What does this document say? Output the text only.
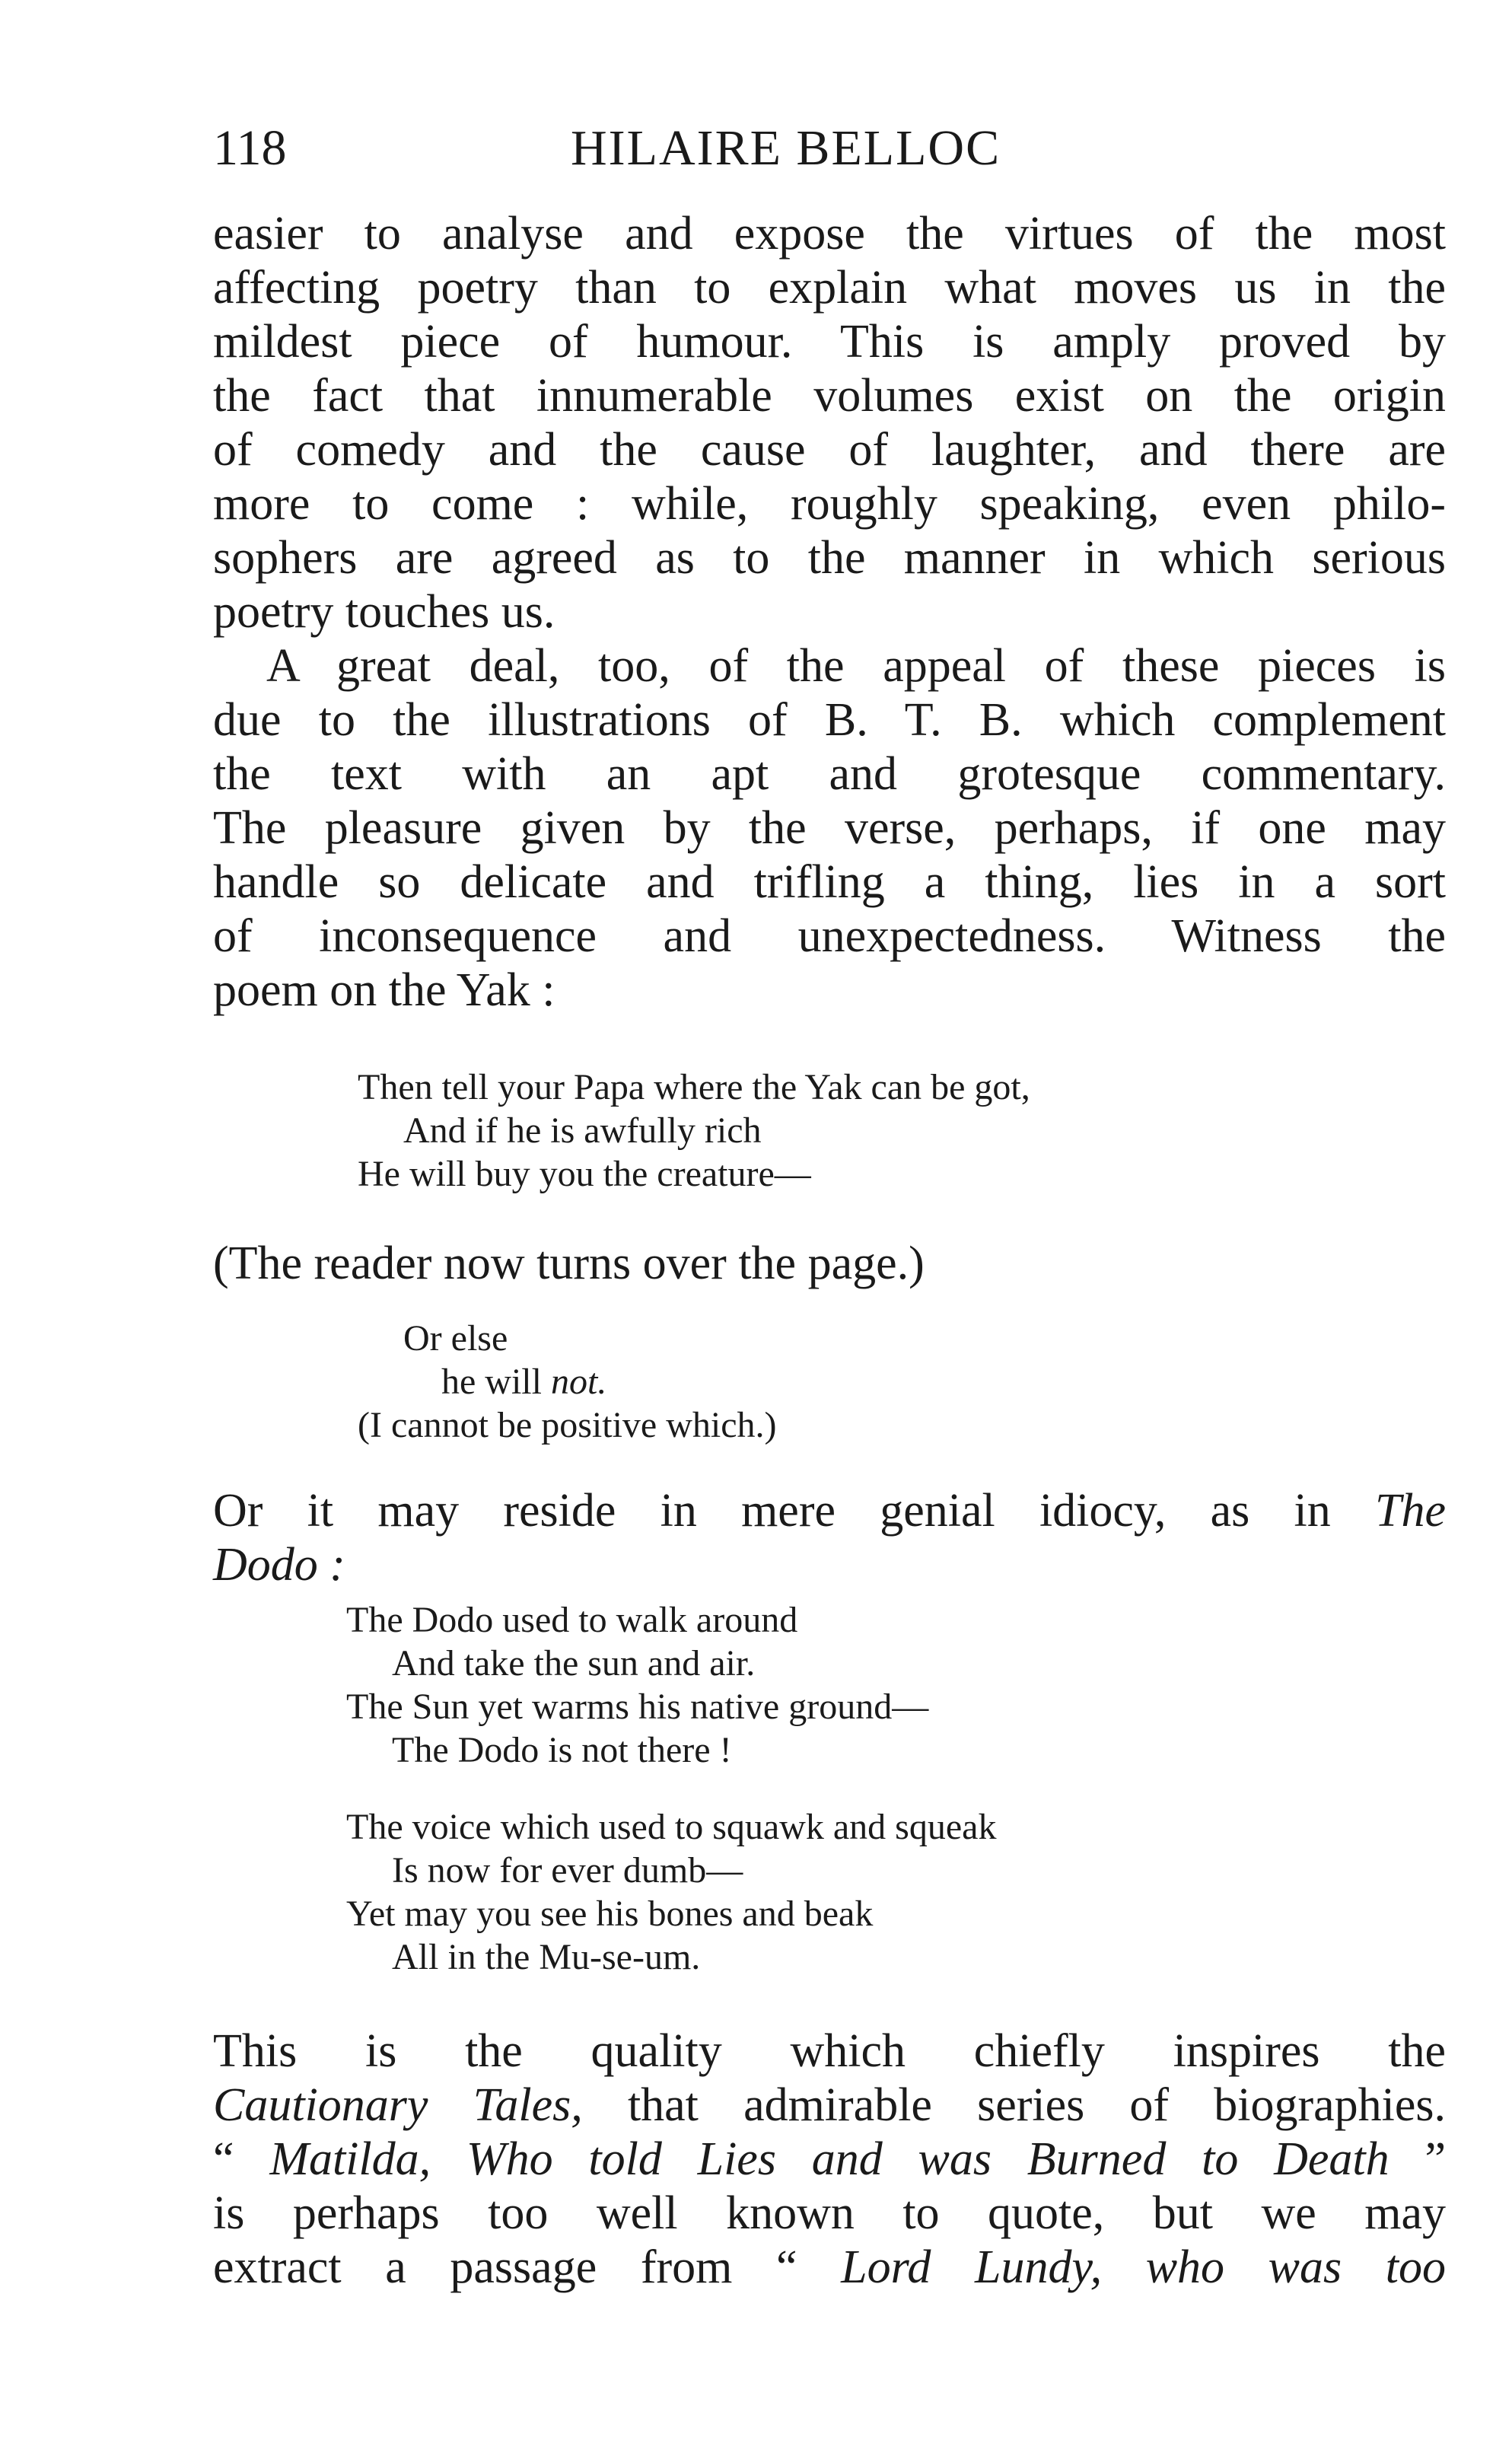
118	HILAIRE BELLOC
easier to analyse and expose the virtues of the most
affecting poetry than to explain what moves us in the
mildest piece of humour. This is amply proved by
the fact that innumerable volumes exist on the origin
of comedy and the cause of laughter, and there are
more to come : while, roughly speaking, even philo-
sophers are agreed as to the manner in which serious
poetry touches us.
A great deal, too, of the appeal of these pieces is
due to the illustrations of B. T. B. which complement
the text with an apt and grotesque commentary.
The pleasure given by the verse, perhaps, if one may
handle so delicate and trifling a thing, lies in a sort
of inconsequence and unexpectedness. Witness the
poem on the Yak :
Then tell your Papa where the Yak can be got,
And if he is awfully rich
He will buy you the creature—
(The reader now turns over the page.)
Or else
he will not.
(I cannot be positive which.)
Or it may reside in mere genial idiocy, as in The
Dodo :
The Dodo used to walk around
And take the sun and air.
The Sun yet warms his native ground—
The Dodo is not there !
The voice which used to squawk and squeak
Is now for ever dumb—
Yet may you see his bones and beak
All in the Mu-se-um.
This is the quality which chiefly inspires the
Cautionary Tales, that admirable series of biographies.
“ Matilda, Who told Lies and was Burned to Death ”
is perhaps too well known to quote, but we may
extract a passage from “ Lord Lundy, who was too
